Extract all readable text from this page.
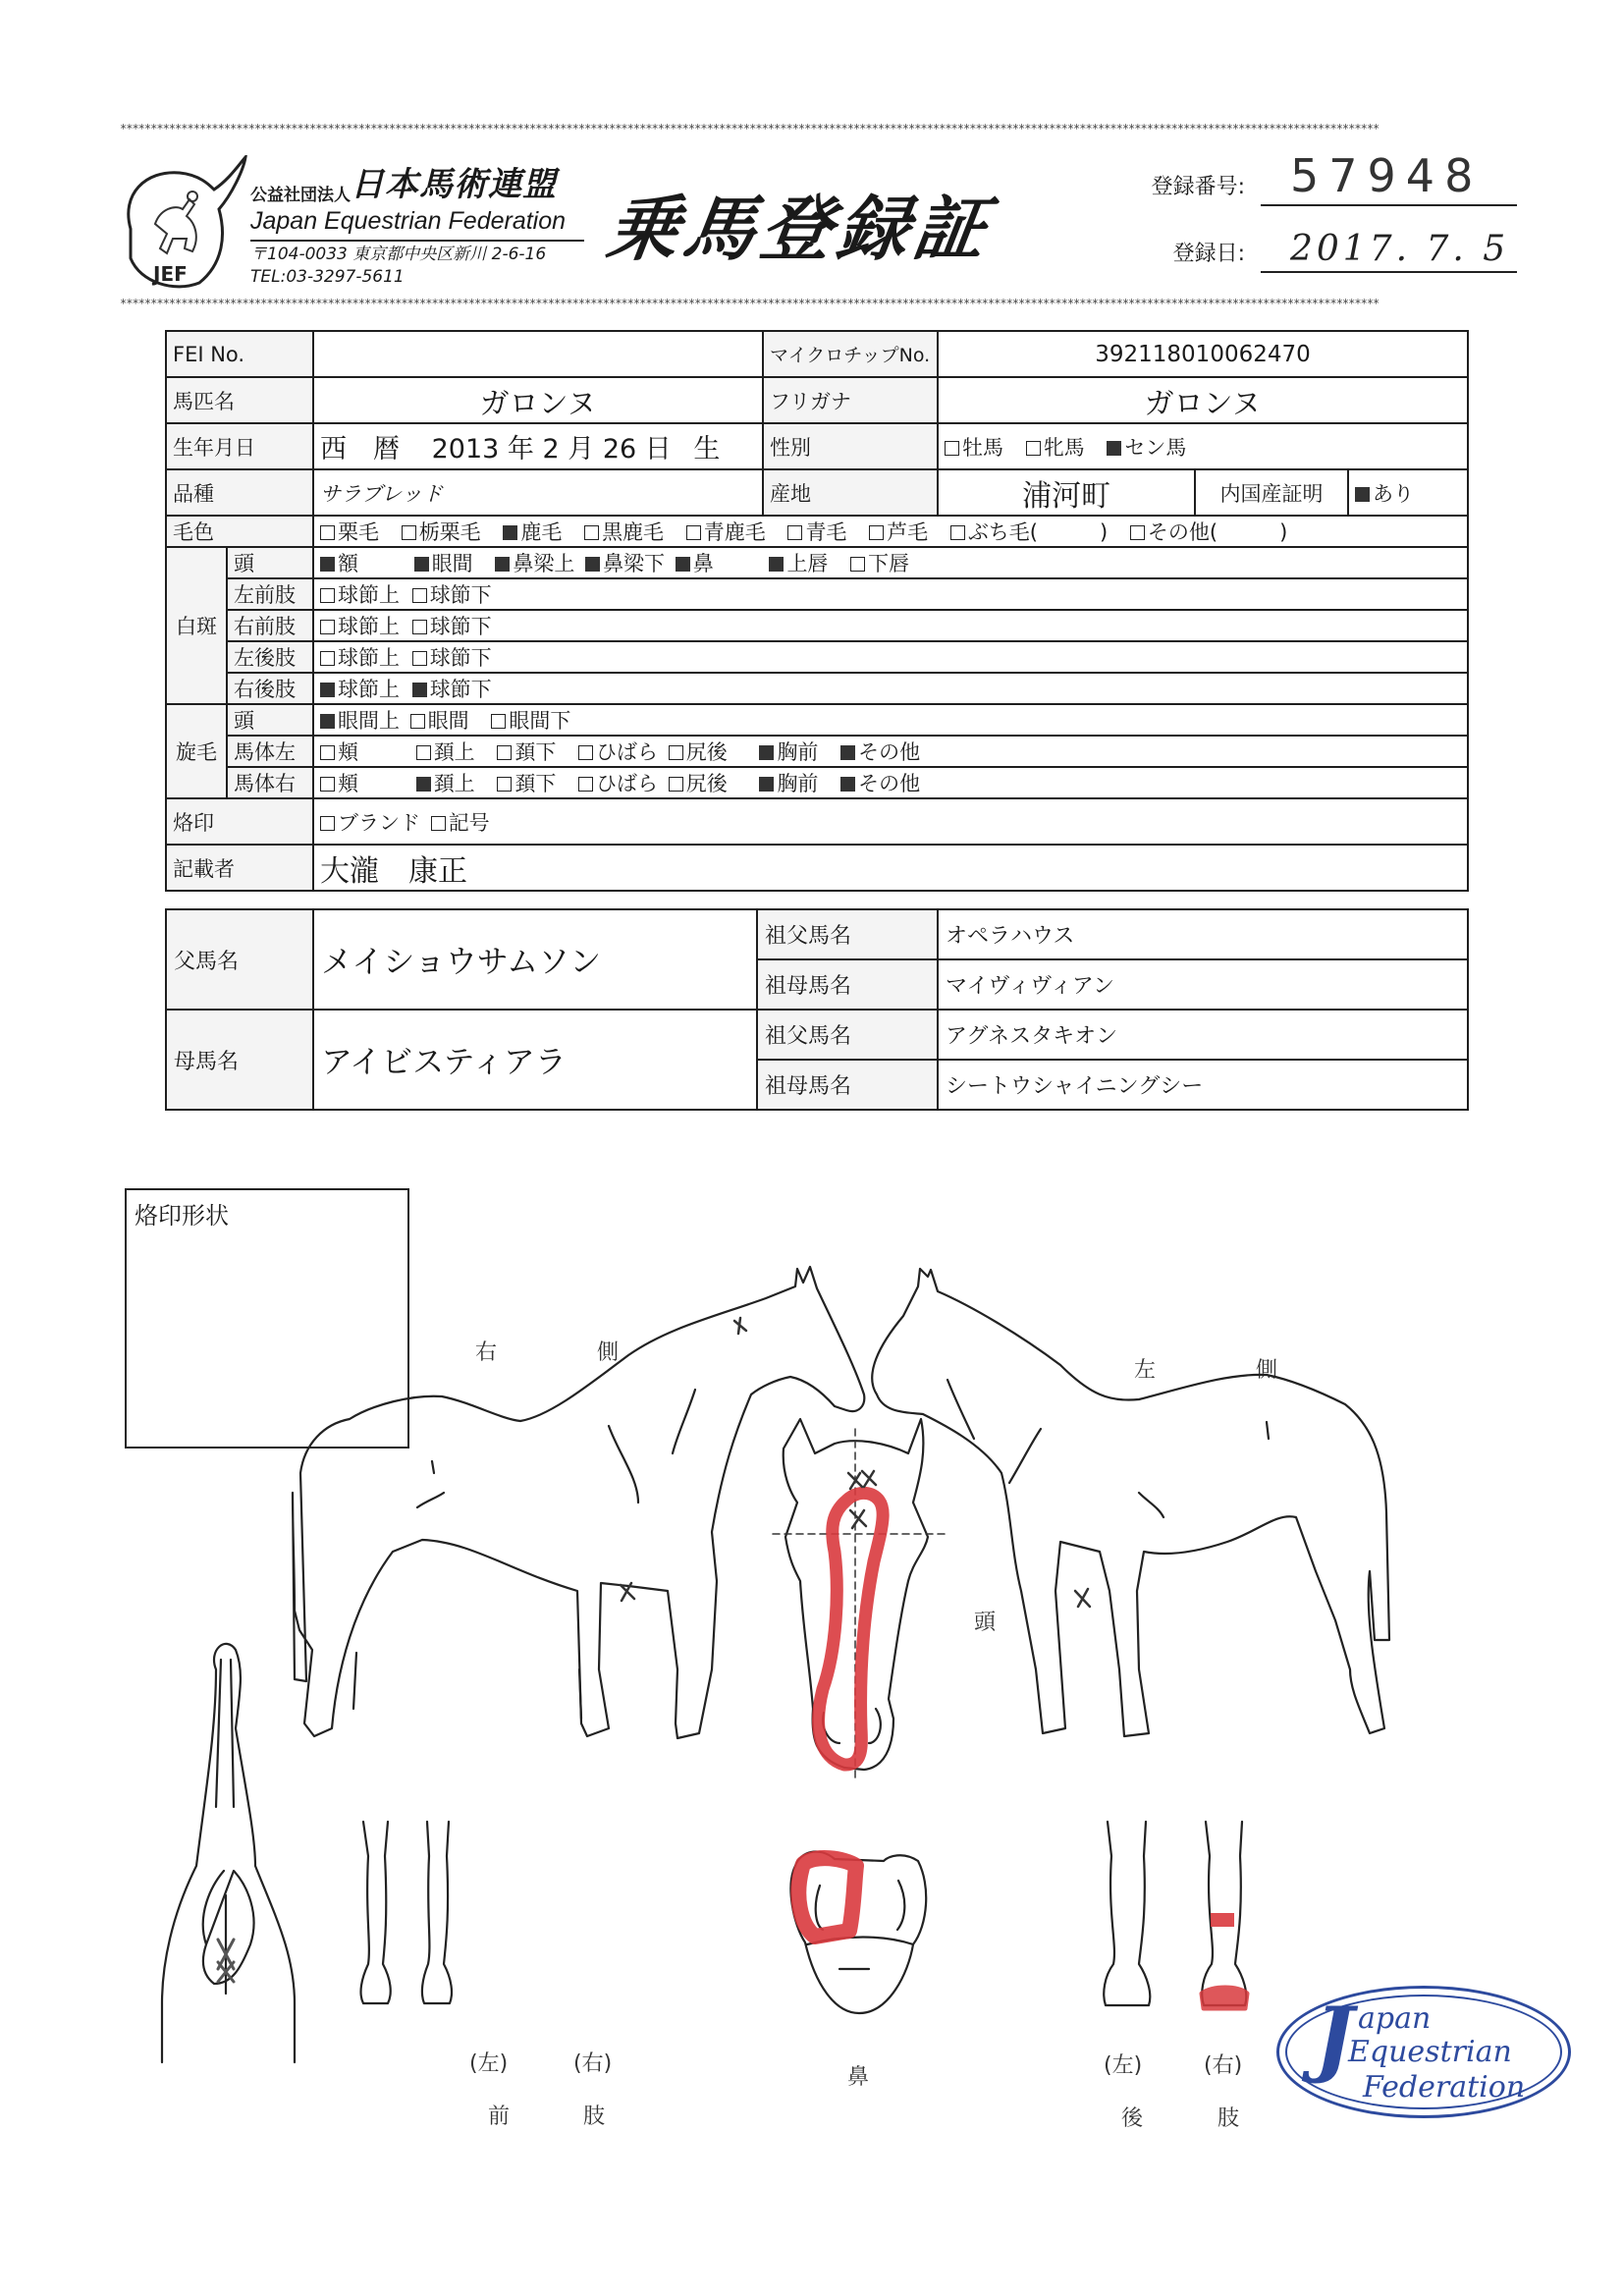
**************************************************************************************************************************************************************************************************************
**************************************************************************************************************************************************************************************************************
JEF
公益社団法人日本馬術連盟
Japan Equestrian Federation
〒104-0033 東京都中央区新川 2-6-16
TEL:03-3297-5611
乗馬登録証
登録番号: 57948
登録日: 2017. 7. 5
FEI No.			マイクロチップNo.	392118010062470		
馬匹名		ガロンヌ	フリガナ	ガロンヌ		
生年月日		西　暦 2013 年 2 月 26 日 生	性別	牡馬 牝馬 セン馬		
品種		サラブレッド	産地	浦河町	内国産証明	あり
毛色		栗毛 栃栗毛 鹿毛 黒鹿毛 青鹿毛 青毛 芦毛 ぶち毛(　　　) その他(　　　)				
白斑	頭	額 眼間 鼻梁上 鼻梁下 鼻 上唇 下唇				
	左前肢	球節上 球節下				
	右前肢	球節上 球節下				
	左後肢	球節上 球節下				
	右後肢	球節上 球節下				
旋毛	頭	眼間上 眼間 眼間下				
	馬体左	頬 頚上 頚下 ひばら 尻後 胸前 その他				
	馬体右	頬 頚上 頚下 ひばら 尻後 胸前 その他				
烙印		ブランド 記号				
記載者		大瀧　康正				
父馬名	メイショウサムソン	祖父馬名	オペラハウス
		祖母馬名	マイヴィヴィアン
母馬名	アイビスティアラ	祖父馬名	アグネスタキオン
		祖母馬名	シートウシャイニングシー
烙印形状
右　側
左　側
頭
鼻
(左)	(右)
前	肢
(左)	(右)
後	肢
J apan
Equestrian
Federation
